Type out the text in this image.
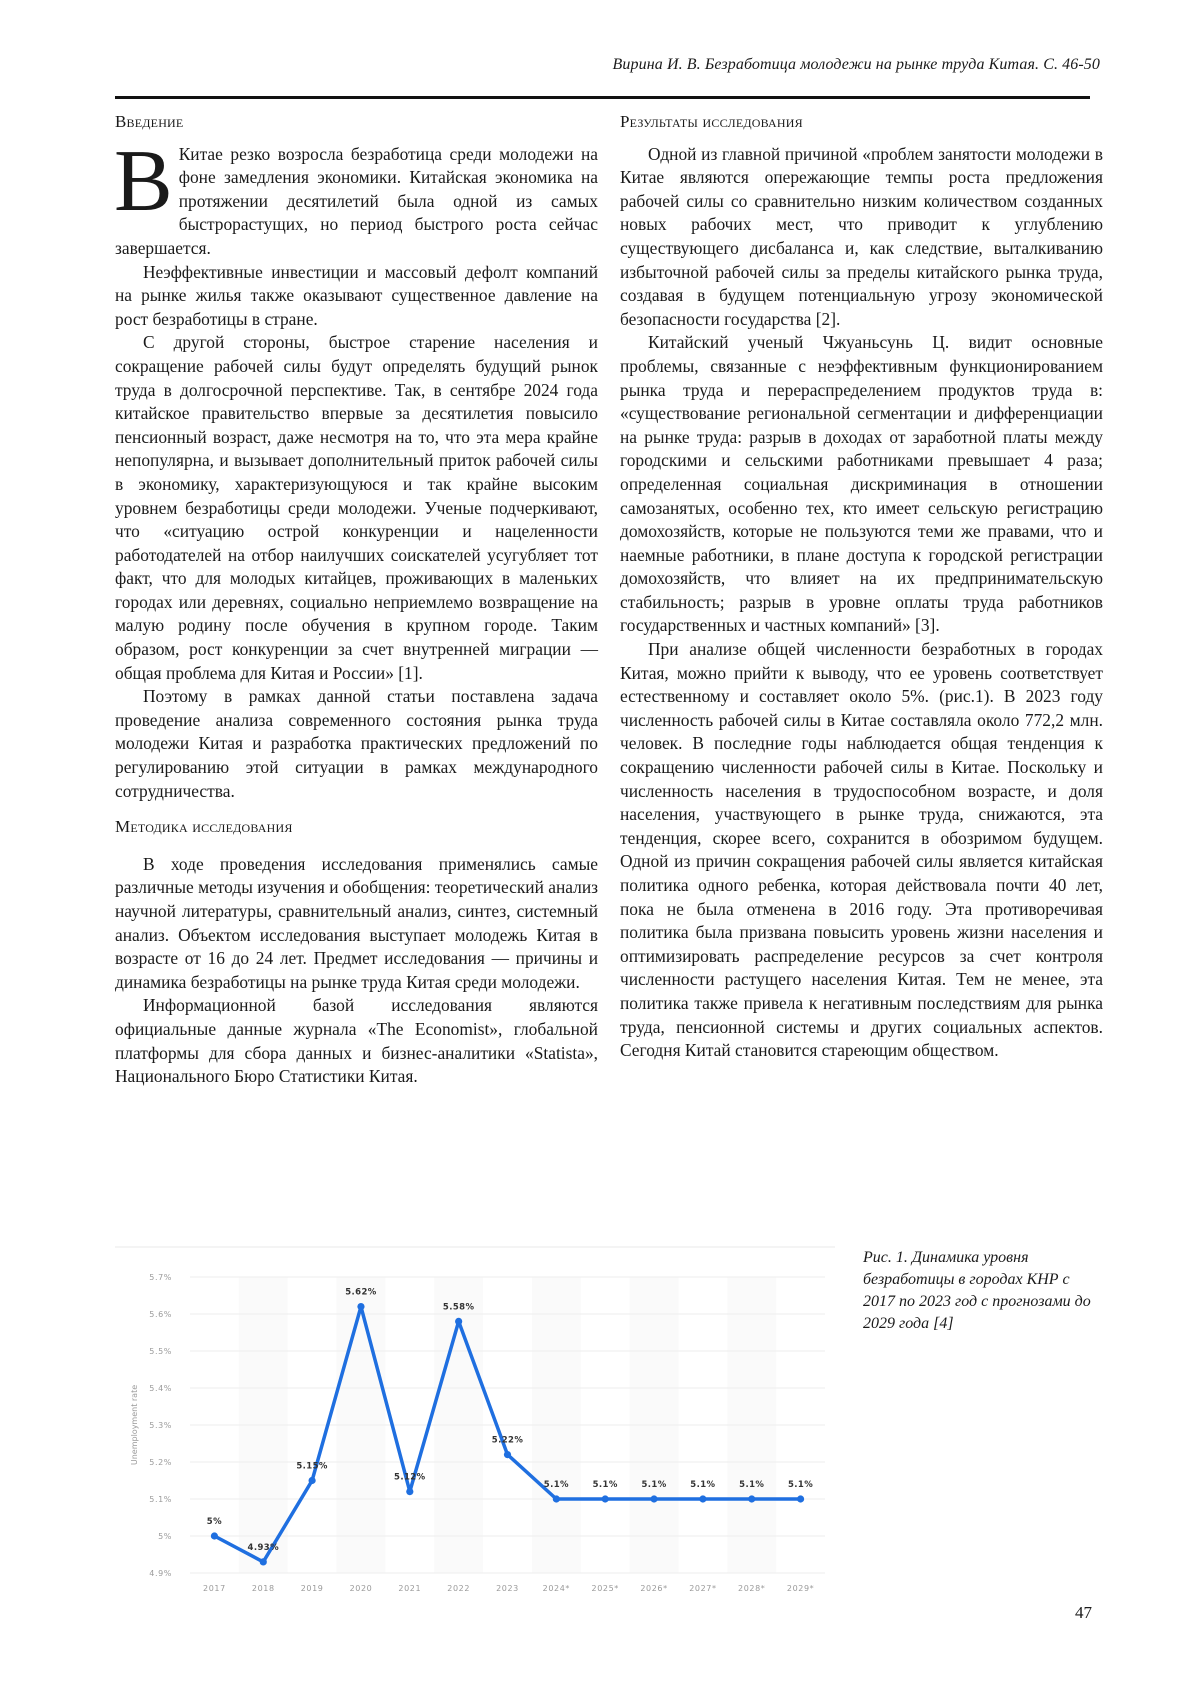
Вирина И. В. Безработица молодежи на рынке труда Китая. С. 46-50
Введение

В Китае резко возросла безработица среди молодежи на фоне замедления экономики. Китайская экономика на протяжении десятилетий была одной из самых быстрорастущих, но период быстрого роста сейчас завершается.

Неэффективные инвестиции и массовый дефолт компаний на рынке жилья также оказывают существенное давление на рост безработицы в стране.

С другой стороны, быстрое старение населения и сокращение рабочей силы будут определять будущий рынок труда в долгосрочной перспективе. Так, в сентябре 2024 года китайское правительство впервые за десятилетия повысило пенсионный возраст, даже несмотря на то, что эта мера крайне непопулярна, и вызывает дополнительный приток рабочей силы в экономику, характеризующуюся и так крайне высоким уровнем безработицы среди молодежи. Ученые подчеркивают, что «ситуацию острой конкуренции и нацеленности работодателей на отбор наилучших соискателей усугубляет тот факт, что для молодых китайцев, проживающих в маленьких городах или деревнях, социально неприемлемо возвращение на малую родину после обучения в крупном городе. Таким образом, рост конкуренции за счет внутренней миграции — общая проблема для Китая и России» [1].

Поэтому в рамках данной статьи поставлена задача проведение анализа современного состояния рынка труда молодежи Китая и разработка практических предложений по регулированию этой ситуации в рамках международного сотрудничества.

Методика исследования

В ходе проведения исследования применялись самые различные методы изучения и обобщения: теоретический анализ научной литературы, сравнительный анализ, синтез, системный анализ. Объектом исследования выступает молодежь Китая в возрасте от 16 до 24 лет. Предмет исследования — причины и динамика безработицы на рынке труда Китая среди молодежи.

Информационной базой исследования являются официальные данные журнала «The Economist», глобальной платформы для сбора данных и бизнес-аналитики «Statista», Национального Бюро Статистики Китая.

Результаты исследования

Одной из главной причиной «проблем занятости молодежи в Китае являются опережающие темпы роста предложения рабочей силы со сравнительно низким количеством созданных новых рабочих мест, что приводит к углублению существующего дисбаланса и, как следствие, выталкиванию избыточной рабочей силы за пределы китайского рынка труда, создавая в будущем потенциальную угрозу экономической безопасности государства [2].

Китайский ученый Чжуаньсунь Ц. видит основные проблемы, связанные с неэффективным функционированием рынка труда и перераспределением продуктов труда в: «существование региональной сегментации и дифференциации на рынке труда: разрыв в доходах от заработной платы между городскими и сельскими работниками превышает 4 раза; определенная социальная дискриминация в отношении самозанятых, особенно тех, кто имеет сельскую регистрацию домохозяйств, которые не пользуются теми же правами, что и наемные работники, в плане доступа к городской регистрации домохозяйств, что влияет на их предпринимательскую стабильность; разрыв в уровне оплаты труда работников государственных и частных компаний» [3].

При анализе общей численности безработных в городах Китая, можно прийти к выводу, что ее уровень соответствует естественному и составляет около 5%. (рис.1). В 2023 году численность рабочей силы в Китае составляла около 772,2 млн. человек. В последние годы наблюдается общая тенденция к сокращению численности рабочей силы в Китае. Поскольку и численность населения в трудоспособном возрасте, и доля населения, участвующего в рынке труда, снижаются, эта тенденция, скорее всего, сохранится в обозримом будущем. Одной из причин сокращения рабочей силы является китайская политика одного ребенка, которая действовала почти 40 лет, пока не была отменена в 2016 году. Эта противоречивая политика была призвана повысить уровень жизни населения и оптимизировать распределение ресурсов за счет контроля численности растущего населения Китая. Тем не менее, эта политика также привела к негативным последствиям для рынка труда, пенсионной системы и других социальных аспектов. Сегодня Китай становится стареющим обществом.

4.9%
5%
5.1%
5.2%
5.3%
5.4%
5.5%
5.6%
5.7%
Unemployment rate
2017	2018	2019	2020	2021	2022	2023	2024*	2025*	2026*	2027*	2028*	2029*
5%
4.93%
5.15%
5.62%
5.12%
5.58%
5.22%
5.1%	5.1%	5.1%	5.1%	5.1%	5.1%
Рис. 1. Динамика уровня безработицы в городах КНР с 2017 по 2023 год с прогнозами до 2029 года [4]
47
